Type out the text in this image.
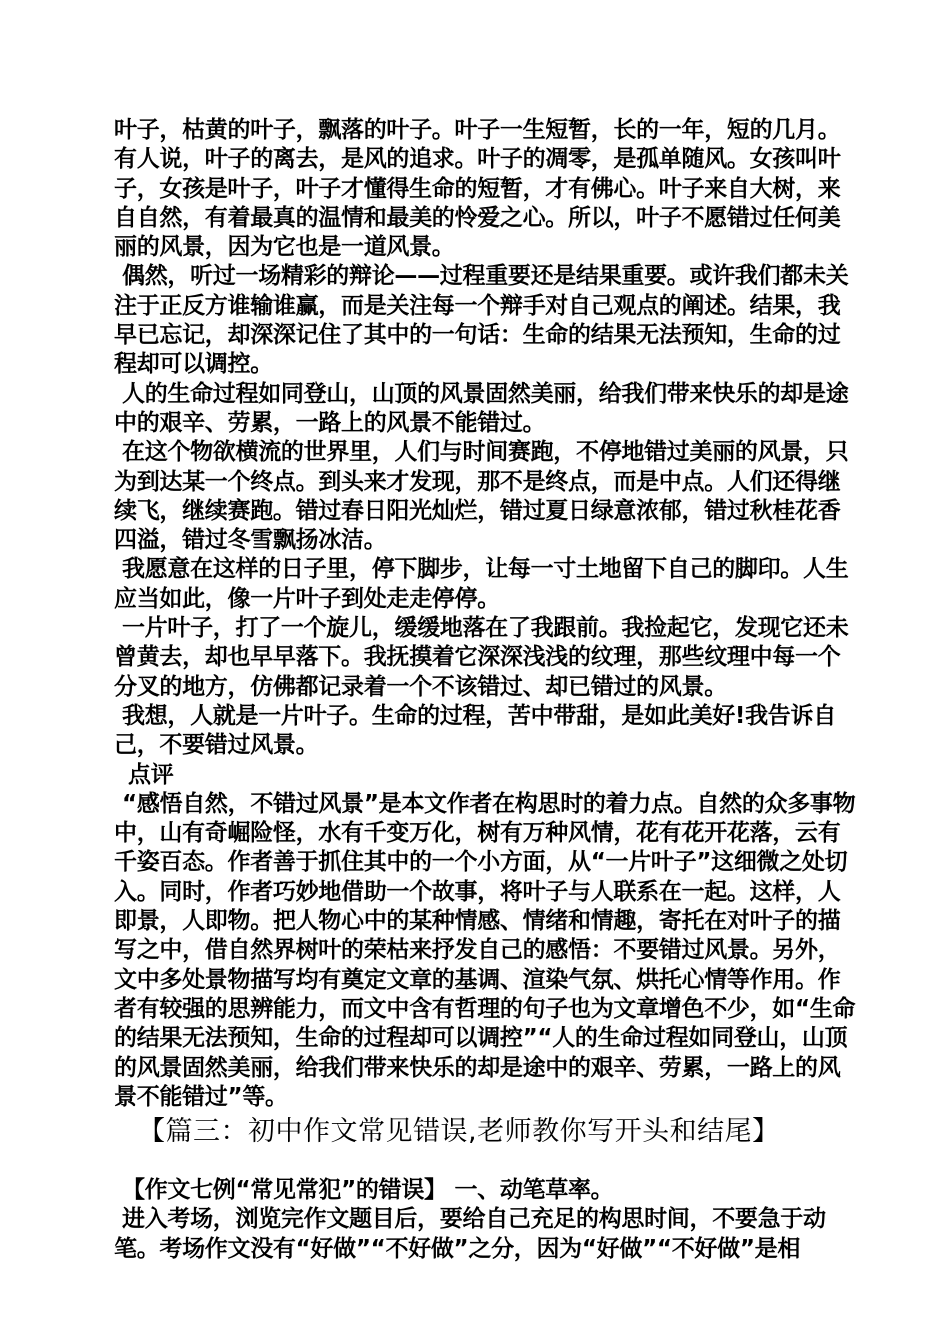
叶子，枯黄的叶子，飘落的叶子。叶子一生短暂，长的一年，短的几月。有人说，叶子的离去，是风的追求。叶子的凋零，是孤单随风。女孩叫叶子，女孩是叶子，叶子才懂得生命的短暂，才有佛心。叶子来自大树，来自自然，有着最真的温情和最美的怜爱之心。所以，叶子不愿错过任何美丽的风景，因为它也是一道风景。

偶然，听过一场精彩的辩论——过程重要还是结果重要。或许我们都未关注于正反方谁输谁赢，而是关注每一个辩手对自己观点的阐述。结果，我早已忘记，却深深记住了其中的一句话：生命的结果无法预知，生命的过程却可以调控。

人的生命过程如同登山，山顶的风景固然美丽，给我们带来快乐的却是途中的艰辛、劳累，一路上的风景不能错过。

在这个物欲横流的世界里，人们与时间赛跑，不停地错过美丽的风景，只为到达某一个终点。到头来才发现，那不是终点，而是中点。人们还得继续飞，继续赛跑。错过春日阳光灿烂，错过夏日绿意浓郁，错过秋桂花香四溢，错过冬雪飘扬冰洁。

我愿意在这样的日子里，停下脚步，让每一寸土地留下自己的脚印。人生应当如此，像一片叶子到处走走停停。

一片叶子，打了一个旋儿，缓缓地落在了我跟前。我捡起它，发现它还未曾黄去，却也早早落下。我抚摸着它深深浅浅的纹理，那些纹理中每一个分叉的地方，仿佛都记录着一个不该错过、却已错过的风景。

我想，人就是一片叶子。生命的过程，苦中带甜，是如此美好!我告诉自己，不要错过风景。

点评

“感悟自然，不错过风景”是本文作者在构思时的着力点。自然的众多事物中，山有奇崛险怪，水有千变万化，树有万种风情，花有花开花落，云有千姿百态。作者善于抓住其中的一个小方面，从“一片叶子”这细微之处切入。同时，作者巧妙地借助一个故事，将叶子与人联系在一起。这样，人即景，人即物。把人物心中的某种情感、情绪和情趣，寄托在对叶子的描写之中，借自然界树叶的荣枯来抒发自己的感悟：不要错过风景。另外，文中多处景物描写均有奠定文章的基调、渲染气氛、烘托心情等作用。作者有较强的思辨能力，而文中含有哲理的句子也为文章增色不少，如“生命的结果无法预知，生命的过程却可以调控”“人的生命过程如同登山，山顶的风景固然美丽，给我们带来快乐的却是途中的艰辛、劳累，一路上的风景不能错过”等。

【篇三：初中作文常见错误,老师教你写开头和结尾】

【作文七例“常见常犯”的错误】 一、动笔草率。

进入考场，浏览完作文题目后，要给自己充足的构思时间，不要急于动笔。考场作文没有“好做”“不好做”之分，因为“好做”“不好做”是相
